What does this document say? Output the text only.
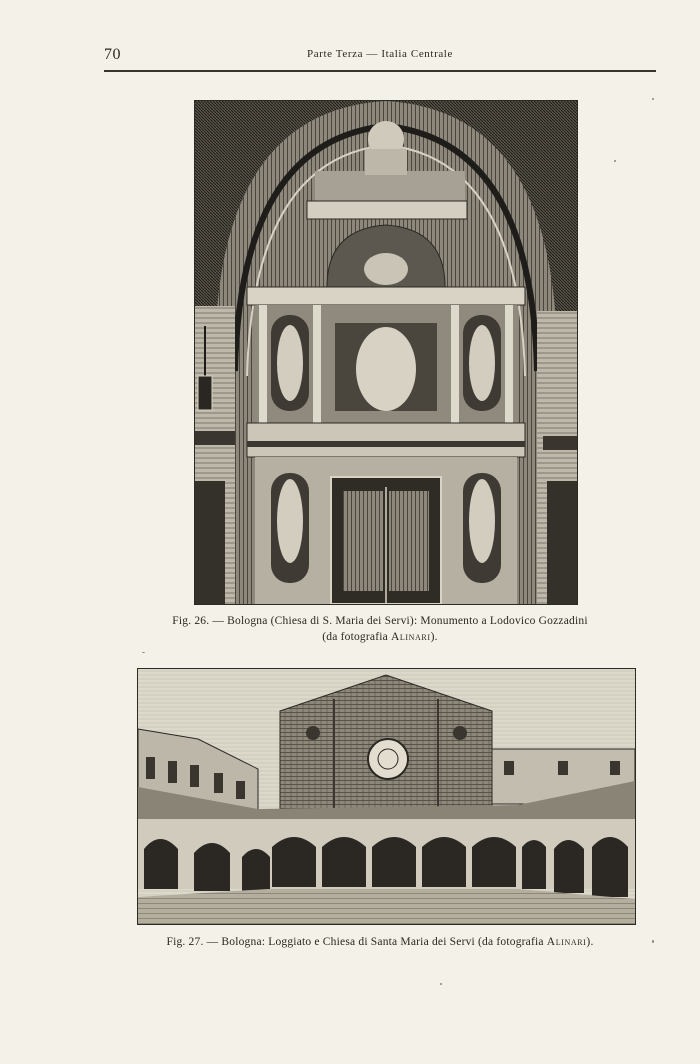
70	Parte Terza — Italia Centrale
Fig. 26. — Bologna (Chiesa di S. Maria dei Servi): Monumento a Lodovico Gozzadini
(da fotografia Alinari).
Fig. 27. — Bologna: Loggiato e Chiesa di Santa Maria dei Servi (da fotografia Alinari).
